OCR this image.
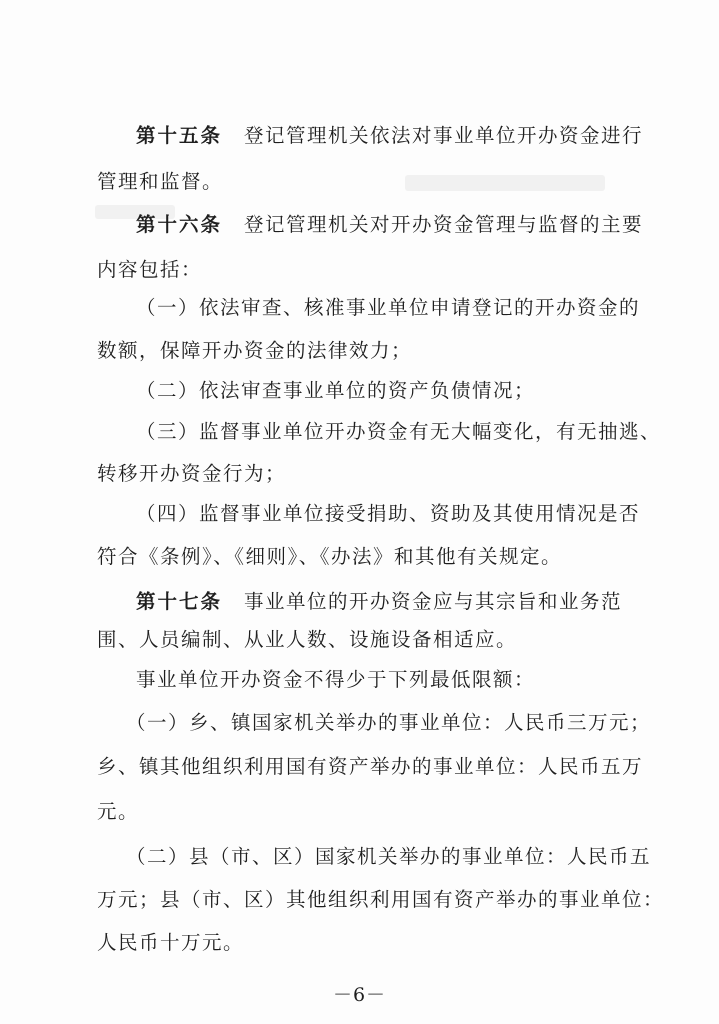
第十五条 登记管理机关依法对事业单位开办资金进行
管理和监督。
第十六条 登记管理机关对开办资金管理与监督的主要
内容包括：
（一）依法审查、核准事业单位申请登记的开办资金的
数额，保障开办资金的法律效力；
（二）依法审查事业单位的资产负债情况；
（三）监督事业单位开办资金有无大幅变化，有无抽逃、
转移开办资金行为；
（四）监督事业单位接受捐助、资助及其使用情况是否
符合《条例》、《细则》、《办法》和其他有关规定。
第十七条 事业单位的开办资金应与其宗旨和业务范
围、人员编制、从业人数、设施设备相适应。
事业单位开办资金不得少于下列最低限额：
（一）乡、镇国家机关举办的事业单位：人民币三万元；
乡、镇其他组织利用国有资产举办的事业单位：人民币五万
元。
（二）县（市、区）国家机关举办的事业单位：人民币五
万元；县（市、区）其他组织利用国有资产举办的事业单位：
人民币十万元。
－6－
